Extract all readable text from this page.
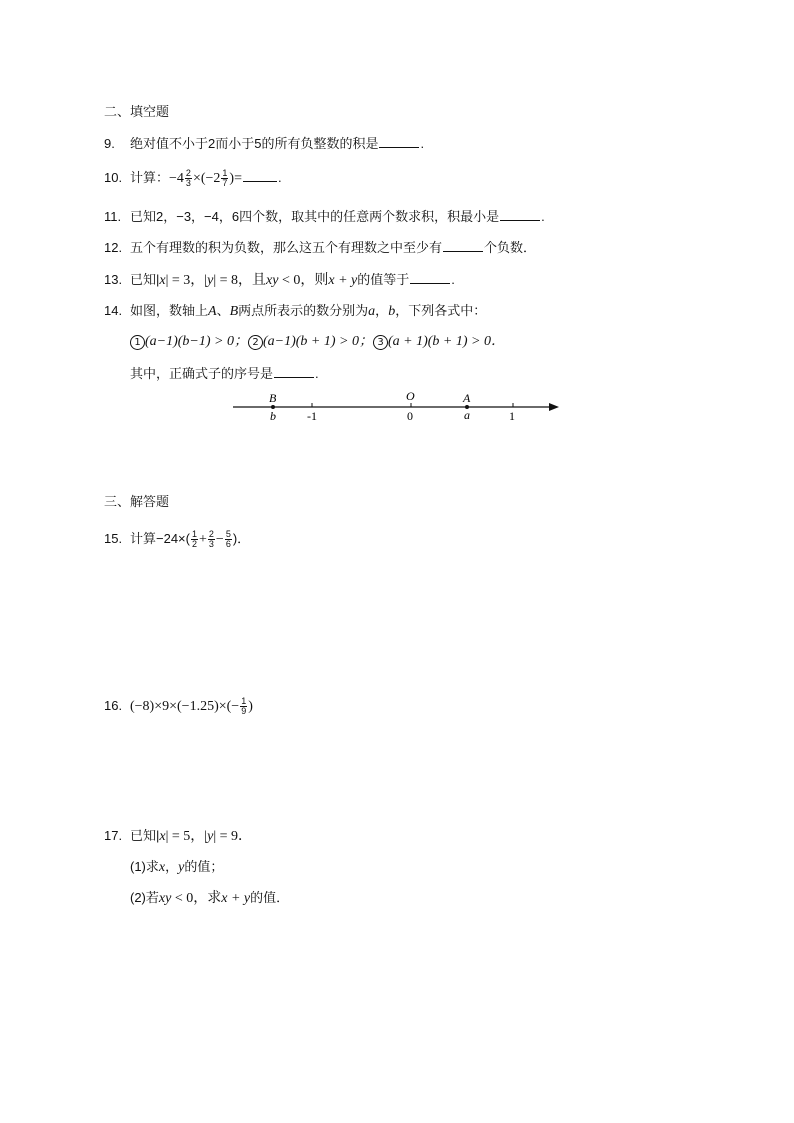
二、填空题
9. 绝对值不小于2而小于5的所有负整数的积是	.
10. 计算：$-4 \frac{2}{3} \times(-2 \frac{1}{7}$ )=	.
11. 已知2，−3，−4，6四个数，取其中的任意两个数求积，积最小是	.
12. 五个有理数的积为负数，那么这五个有理数之中至少有	个负数．
13. 已知|x| = 3，|y| = 8，且xy < 0，则x + y的值等于	.
14. 如图，数轴上A、B两点所表示的数分别为a，b，下列各式中：
1 (a−1)(b−1) > 0； 2 (a−1)(b + 1) > 0； 3 (a + 1)(b + 1) > 0．
其中，正确式子的序号是	.
B	O	A
b	a
-1	0	1
三、解答题
15. 计算$-24\times( \frac{1}{2} + \frac{2}{3} - \frac{5}{6}$ )．
16. $(-8)\times 9\times(-1.25)\times(- \frac{1}{9}$ )
17. 已知|x| = 5，|y| = 9．
(1)求x，y的值；
(2)若xy < 0，求x + y的值．
